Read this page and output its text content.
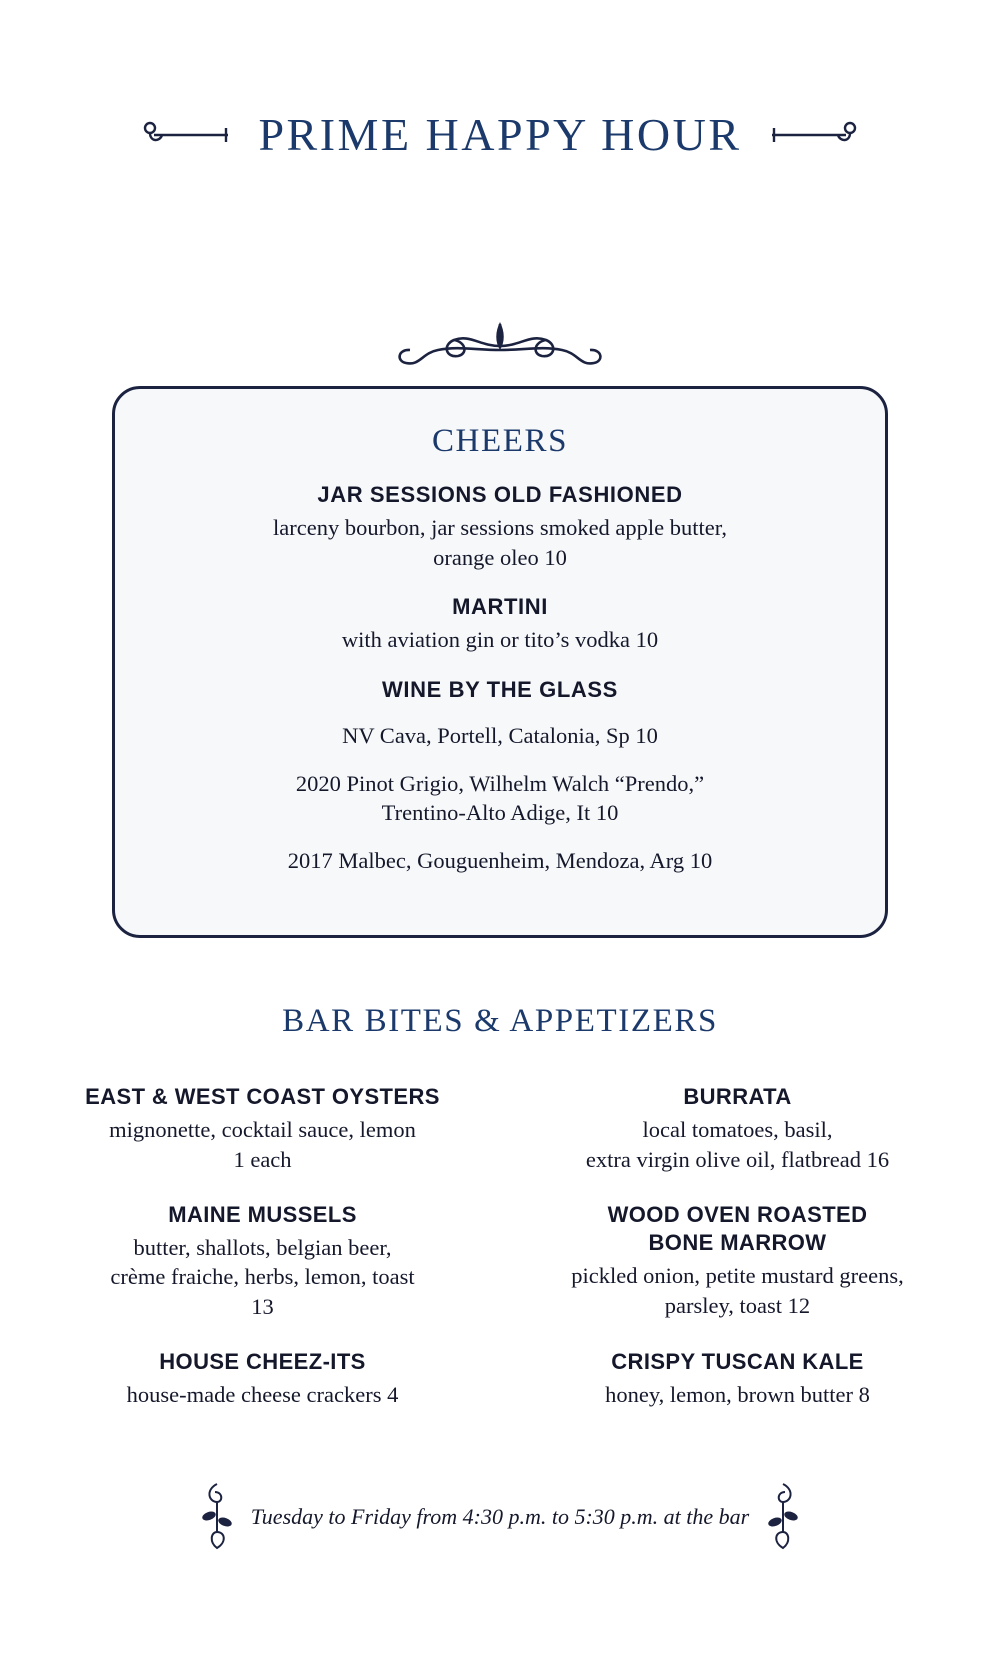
PRIME HAPPY HOUR
CHEERS
JAR SESSIONS OLD FASHIONED
larceny bourbon, jar sessions smoked apple butter,
orange oleo 10
MARTINI
with aviation gin or tito’s vodka 10
WINE BY THE GLASS
NV Cava, Portell, Catalonia, Sp 10
2020 Pinot Grigio, Wilhelm Walch “Prendo,”
Trentino-Alto Adige, It 10
2017 Malbec, Gouguenheim, Mendoza, Arg 10
BAR BITES & APPETIZERS
EAST & WEST COAST OYSTERS
mignonette, cocktail sauce, lemon
1 each
BURRATA
local tomatoes, basil,
extra virgin olive oil, flatbread 16
MAINE MUSSELS
butter, shallots, belgian beer,
crème fraiche, herbs, lemon, toast
13
WOOD OVEN ROASTED
BONE MARROW
pickled onion, petite mustard greens,
parsley, toast 12
HOUSE CHEEZ-ITS
house-made cheese crackers 4
CRISPY TUSCAN KALE
honey, lemon, brown butter 8
Tuesday to Friday from 4:30 p.m. to 5:30 p.m. at the bar
